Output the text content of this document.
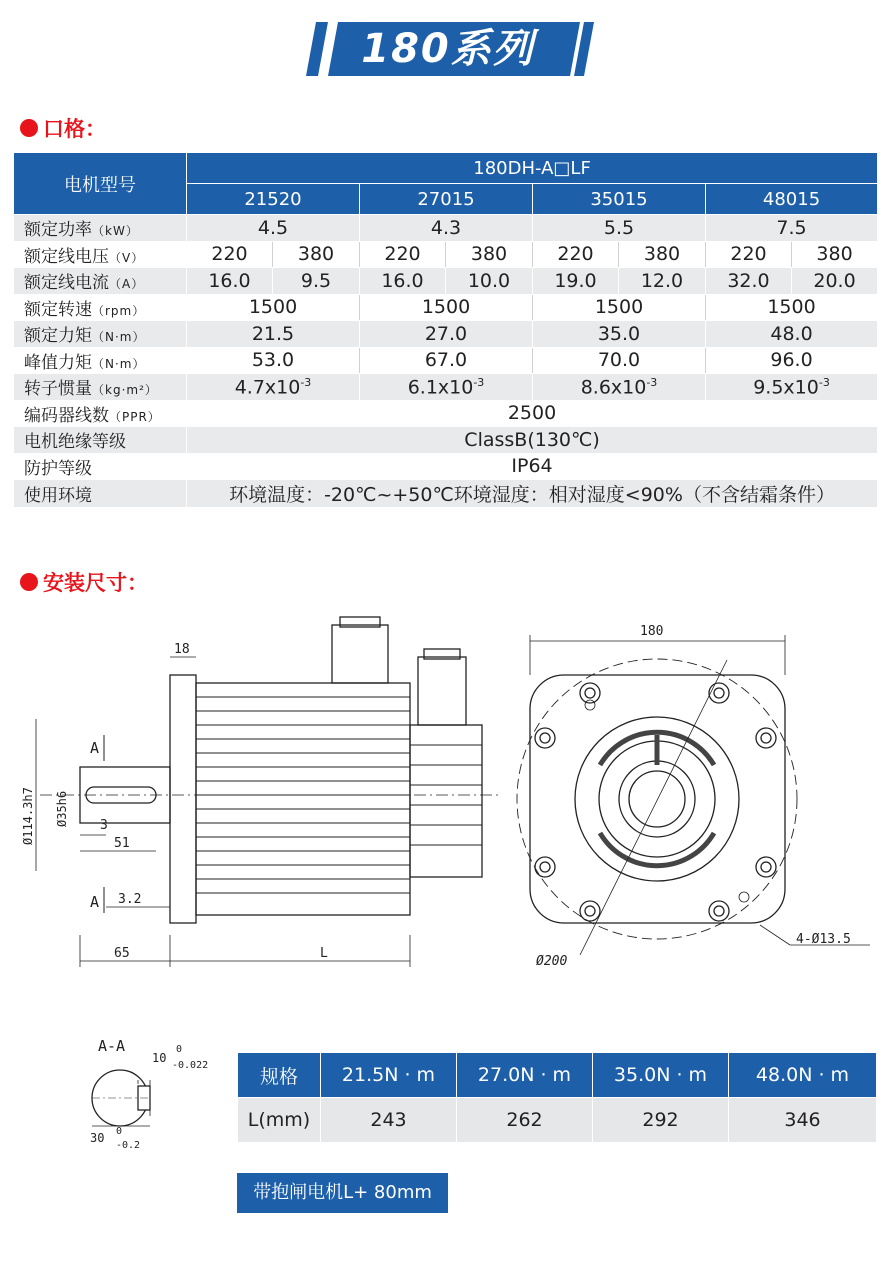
180系列
口格：
电机型号	180DH-A□LF							
	21520		27015		35015		48015	
额定功率（kW）	4.5		4.3		5.5		7.5	
额定线电压（V）	220	380	220	380	220	380	220	380
额定线电流（A）	16.0	9.5	16.0	10.0	19.0	12.0	32.0	20.0
额定转速（rpm）	1500		1500		1500		1500	
额定力矩（N·m）	21.5		27.0		35.0		48.0	
峰值力矩（N·m）	53.0		67.0		70.0		96.0	
转子惯量（kg·m²）	$4.7x10^{-3}$		$6.1x10^{-3}$		$8.6x10^{-3}$		$9.5x10^{-3}$
编码器线数（PPR）	2500							
电机绝缘等级	ClassB(130℃)							
防护等级	IP64							
使用环境	环境温度：-20℃~+50℃环境湿度：相对湿度<90%（不含结霜条件）							
安装尺寸：
18
65	L
51
3
3.2
A
A
Ø114.3h7 Ø35h6
180
4-Ø13.5
Ø200
A-A
10
0
-0.022
30 0
-0.2
规格	21.5N · m	27.0N · m	35.0N · m	48.0N · m
L(mm)	243	262	292	346
带抱闸电机L+ 80mm
